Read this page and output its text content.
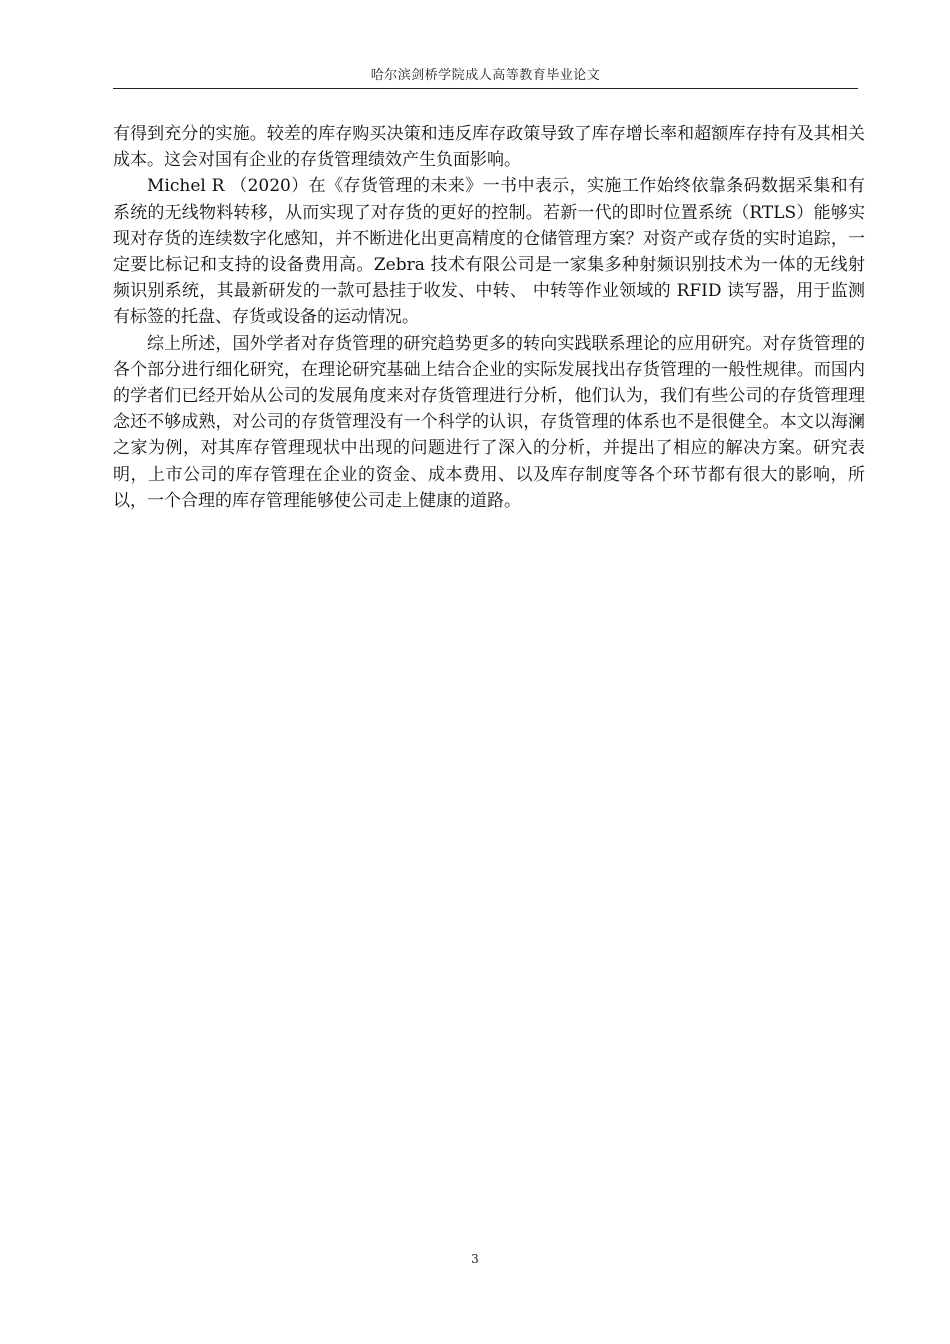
哈尔滨剑桥学院成人高等教育毕业论文

有得到充分的实施。较差的库存购买决策和违反库存政策导致了库存增长率和超额库存持有及其相关成本。这会对国有企业的存货管理绩效产生负面影响。

Michel R （2020）在《存货管理的未来》一书中表示，实施工作始终依靠条码数据采集和有系统的无线物料转移，从而实现了对存货的更好的控制。若新一代的即时位置系统（RTLS）能够实现对存货的连续数字化感知，并不断进化出更高精度的仓储管理方案？对资产或存货的实时追踪，一定要比标记和支持的设备费用高。Zebra 技术有限公司是一家集多种射频识别技术为一体的无线射频识别系统，其最新研发的一款可悬挂于收发、中转、 中转等作业领域的 RFID 读写器，用于监测有标签的托盘、存货或设备的运动情况。

综上所述，国外学者对存货管理的研究趋势更多的转向实践联系理论的应用研究。对存货管理的各个部分进行细化研究，在理论研究基础上结合企业的实际发展找出存货管理的一般性规律。而国内的学者们已经开始从公司的发展角度来对存货管理进行分析，他们认为，我们有些公司的存货管理理念还不够成熟，对公司的存货管理没有一个科学的认识，存货管理的体系也不是很健全。本文以海澜之家为例，对其库存管理现状中出现的问题进行了深入的分析，并提出了相应的解决方案。研究表明，上市公司的库存管理在企业的资金、成本费用、以及库存制度等各个环节都有很大的影响，所以，一个合理的库存管理能够使公司走上健康的道路。

3
